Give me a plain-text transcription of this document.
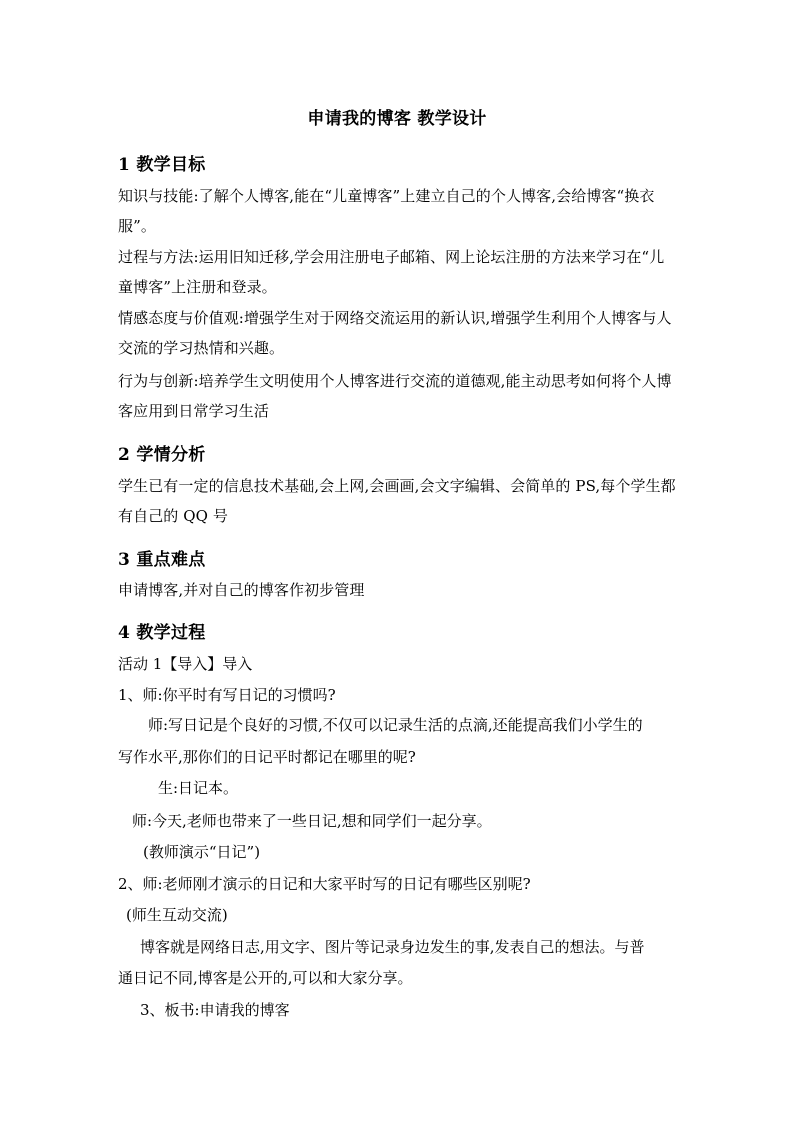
申请我的博客 教学设计
1 教学目标
知识与技能:了解个人博客,能在“儿童博客”上建立自己的个人博客,会给博客“换衣服”。
过程与方法:运用旧知迁移,学会用注册电子邮箱、网上论坛注册的方法来学习在“儿童博客”上注册和登录。
情感态度与价值观:增强学生对于网络交流运用的新认识,增强学生利用个人博客与人交流的学习热情和兴趣。
行为与创新:培养学生文明使用个人博客进行交流的道德观,能主动思考如何将个人博客应用到日常学习生活
2 学情分析
学生已有一定的信息技术基础,会上网,会画画,会文字编辑、会简单的 PS,每个学生都有自己的 QQ 号
3 重点难点
申请博客,并对自己的博客作初步管理
4 教学过程
活动 1【导入】导入
1、师:你平时有写日记的习惯吗?
师:写日记是个良好的习惯,不仅可以记录生活的点滴,还能提高我们小学生的
写作水平,那你们的日记平时都记在哪里的呢?
生:日记本。
师:今天,老师也带来了一些日记,想和同学们一起分享。
(教师演示“日记”)
2、师:老师刚才演示的日记和大家平时写的日记有哪些区别呢?
(师生互动交流)
博客就是网络日志,用文字、图片等记录身边发生的事,发表自己的想法。与普
通日记不同,博客是公开的,可以和大家分享。
3、板书:申请我的博客
